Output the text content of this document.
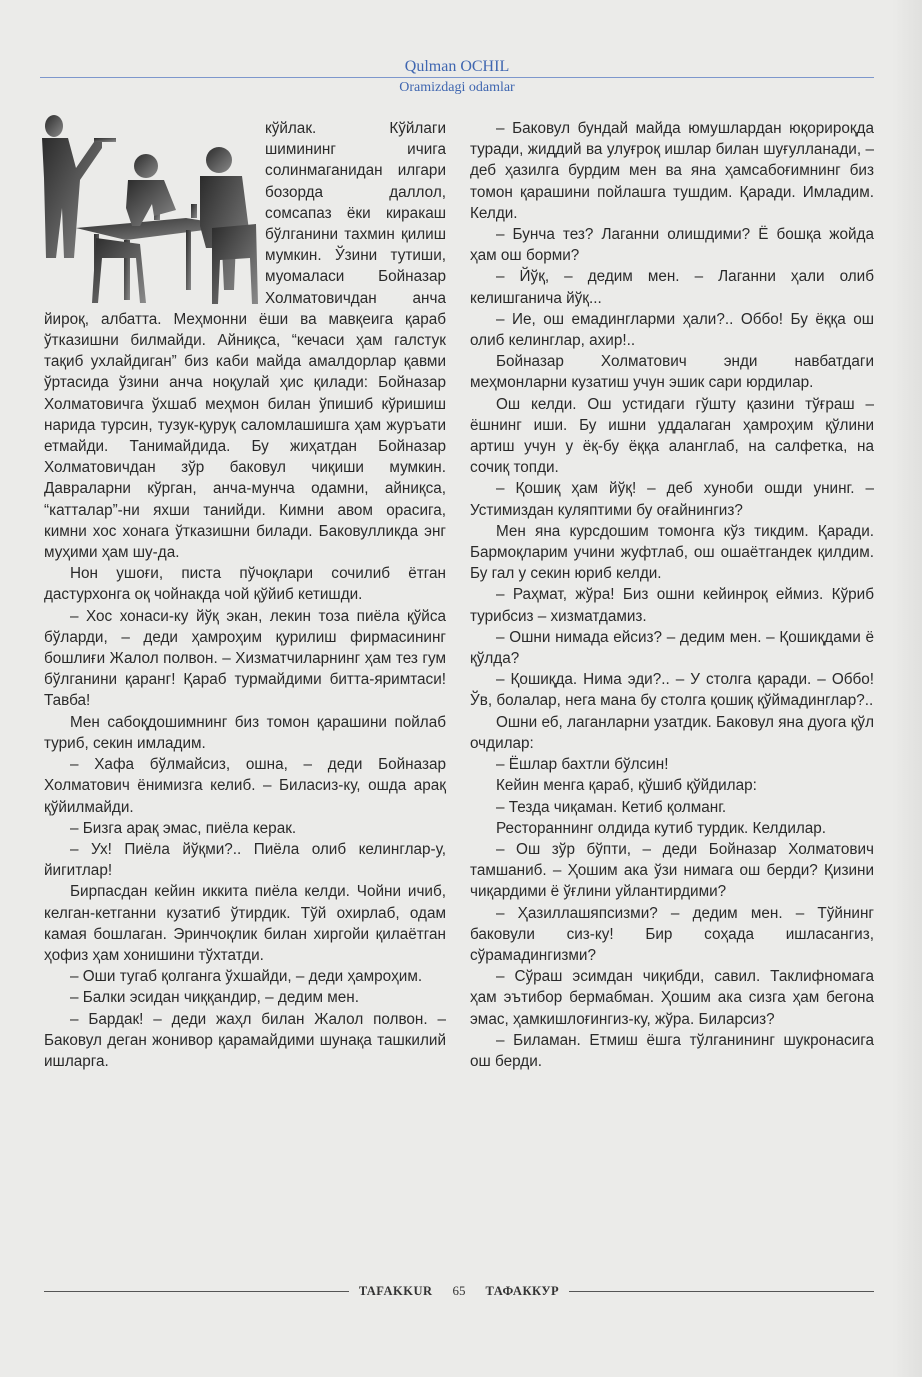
Qulman OCHIL
Oramizdagi odamlar

кўйлак. Кўйлаги шимининг ичига солинмаганидан илгари бозорда даллол, сомсапаз ёки киракаш бўлганини тахмин қилиш мумкин. Ўзини тутиши, муомаласи Бойназар Холматовичдан анча йироқ, албатта. Меҳмонни ёши ва мавқеига қараб ўтказишни билмайди. Айниқса, “кечаси ҳам галстук тақиб ухлайдиган” биз каби майда амалдорлар қавми ўртасида ўзини анча ноқулай ҳис қилади: Бойназар Холматовичга ўхшаб меҳмон билан ўпишиб кўришиш нарида турсин, тузук-қуруқ саломлашишга ҳам журъати етмайди. Танимайдида. Бу жиҳатдан Бойназар Холматовичдан зўр баковул чиқиши мумкин. Давраларни кўрган, анча-мунча одамни, айниқса, “катталар”-ни яхши танийди. Кимни авом орасига, кимни хос хонага ўтказишни билади. Баковулликда энг муҳими ҳам шу-да.

Нон ушоғи, писта пўчоқлари сочилиб ётган дастурхонга оқ чойнакда чой қўйиб кетишди.

– Хос хонаси-ку йўқ экан, лекин тоза пиёла қўйса бўларди, – деди ҳамроҳим қурилиш фирмасининг бошлиғи Жалол полвон. – Хизматчиларнинг ҳам тез гум бўлганини қаранг! Қараб турмайдими битта-яримтаси! Тавба!

Мен сабоқдошимнинг биз томон қарашини пойлаб туриб, секин имладим.

– Хафа бўлмайсиз, ошна, – деди Бойназар Холматович ёнимизга келиб. – Биласиз-ку, ошда арақ қўйилмайди.

– Бизга арақ эмас, пиёла керак.

– Ух! Пиёла йўқми?.. Пиёла олиб келинглар-у, йигитлар!

Бирпасдан кейин иккита пиёла келди. Чойни ичиб, келган-кетганни кузатиб ўтирдик. Тўй охирлаб, одам камая бошлаган. Эринчоқлик билан хиргойи қилаётган ҳофиз ҳам хонишини тўхтатди.

– Оши тугаб қолганга ўхшайди, – деди ҳамроҳим.

– Балки эсидан чиққандир, – дедим мен.

– Бардак! – деди жаҳл билан Жалол полвон. – Баковул деган жонивор қарамайдими шунақа ташкилий ишларга.

– Баковул бундай майда юмушлардан юқорироқда туради, жиддий ва улуғроқ ишлар билан шуғулланади, – деб ҳазилга бурдим мен ва яна ҳамсабоғимнинг биз томон қарашини пойлашга тушдим. Қаради. Имладим. Келди.

– Бунча тез? Лаганни олишдими? Ё бошқа жойда ҳам ош борми?

– Йўқ, – дедим мен. – Лаганни ҳали олиб келишганича йўқ...

– Ие, ош емадингларми ҳали?.. Оббо! Бу ёққа ош олиб келинглар, ахир!..

Бойназар Холматович энди навбатдаги меҳмонларни кузатиш учун эшик сари юрдилар.

Ош келди. Ош устидаги гўшту қазини тўғраш – ёшнинг иши. Бу ишни уддалаган ҳамроҳим қўлини артиш учун у ёқ-бу ёққа аланглаб, на салфетка, на сочиқ топди.

– Қошиқ ҳам йўқ! – деб хуноби ошди унинг. – Устимиздан куляптими бу оғайнингиз?

Мен яна курсдошим томонга кўз тикдим. Қаради. Бармоқларим учини жуфтлаб, ош ошаётгандек қилдим. Бу гал у секин юриб келди.

– Раҳмат, жўра! Биз ошни кейинроқ еймиз. Кўриб турибсиз – хизматдамиз.

– Ошни нимада ейсиз? – дедим мен. – Қошиқдами ё қўлда?

– Қошиқда. Нима эди?.. – У столга қаради. – Оббо! Ўв, болалар, нега мана бу столга қошиқ қўймадинглар?..

Ошни еб, лаганларни узатдик. Баковул яна дуога қўл очдилар:

– Ёшлар бахтли бўлсин!

Кейин менга қараб, қўшиб қўйдилар:

– Тезда чиқаман. Кетиб қолманг.

Рестораннинг олдида кутиб турдик. Келдилар.

– Ош зўр бўпти, – деди Бойназар Холматович тамшаниб. – Ҳошим ака ўзи нимага ош берди? Қизини чиқардими ё ўғлини уйлантирдими?

– Ҳазиллашяпсизми? – дедим мен. – Тўйнинг баковули сиз-ку! Бир соҳада ишласангиз, сўрамадингизми?

– Сўраш эсимдан чиқибди, савил. Таклифномага ҳам эътибор бермабман. Ҳошим ака сизга ҳам бегона эмас, ҳамкишлоғингиз-ку, жўра. Биларсиз?

– Биламан. Етмиш ёшга тўлганининг шукронасига ош берди.

TAFAKKUR	65	ТАФАККУР
